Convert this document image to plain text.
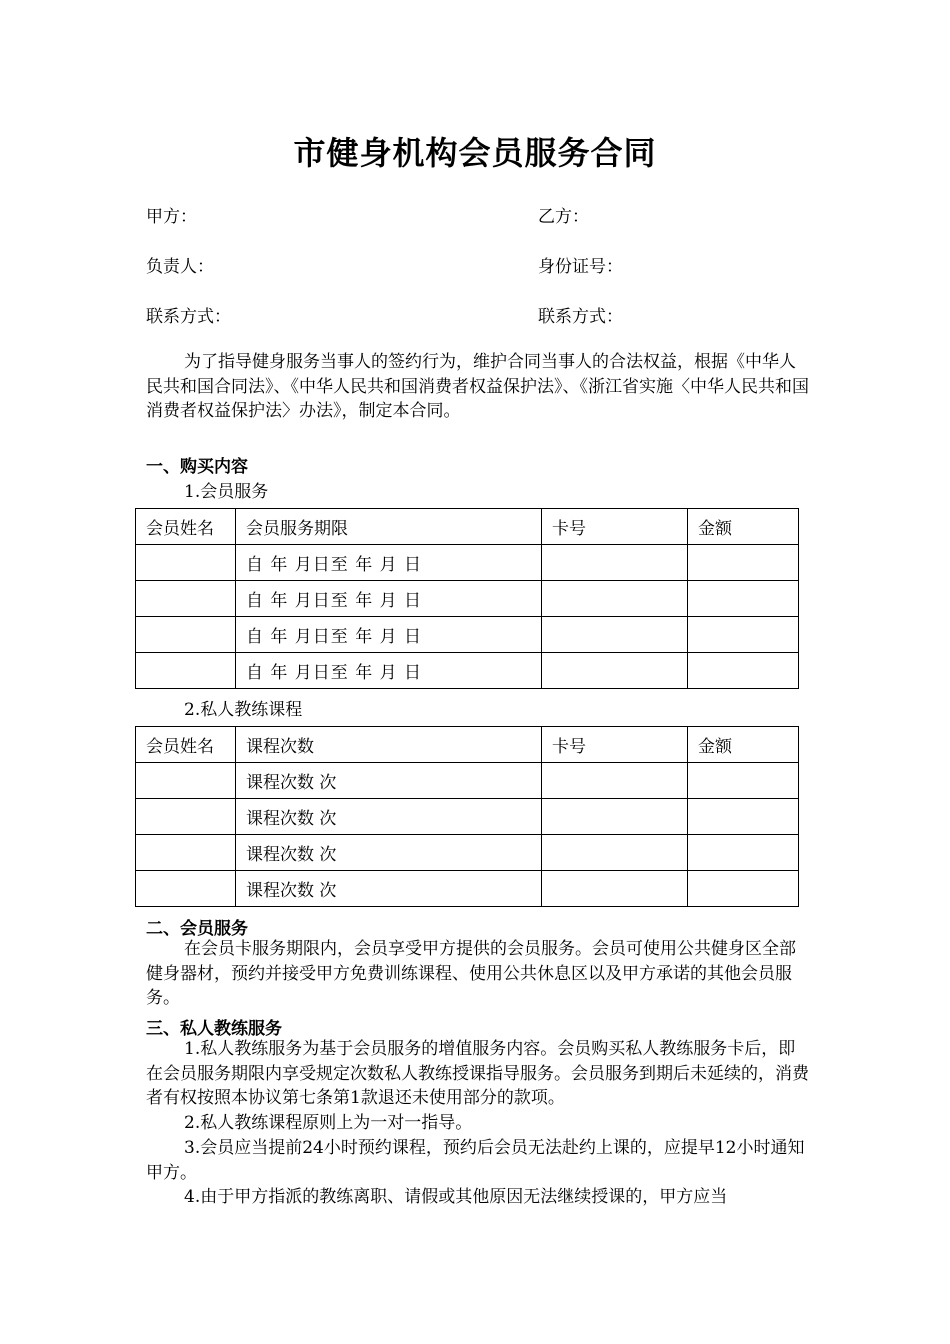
市健身机构会员服务合同
甲方：	乙方：
负责人：	身份证号：
联系方式：	联系方式：
为了指导健身服务当事人的签约行为，维护合同当事人的合法权益，根据《中华人民共和国合同法》、《中华人民共和国消费者权益保护法》、《浙江省实施〈中华人民共和国消费者权益保护法〉办法》，制定本合同。
一、购买内容
1.会员服务
会员姓名	会员服务期限	卡号	金额
	自 年 月日至 年 月 日		
	自 年 月日至 年 月 日		
	自 年 月日至 年 月 日		
	自 年 月日至 年 月 日		
2.私人教练课程
会员姓名	课程次数	卡号	金额
	课程次数 次		
	课程次数 次		
	课程次数 次		
	课程次数 次		
二、会员服务
在会员卡服务期限内，会员享受甲方提供的会员服务。会员可使用公共健身区全部健身器材，预约并接受甲方免费训练课程、使用公共休息区以及甲方承诺的其他会员服务。
三、私人教练服务
1.私人教练服务为基于会员服务的增值服务内容。会员购买私人教练服务卡后，即在会员服务期限内享受规定次数私人教练授课指导服务。会员服务到期后未延续的，消费者有权按照本协议第七条第1款退还未使用部分的款项。
2.私人教练课程原则上为一对一指导。
3.会员应当提前24小时预约课程，预约后会员无法赴约上课的，应提早12小时通知甲方。
4.由于甲方指派的教练离职、请假或其他原因无法继续授课的，甲方应当
